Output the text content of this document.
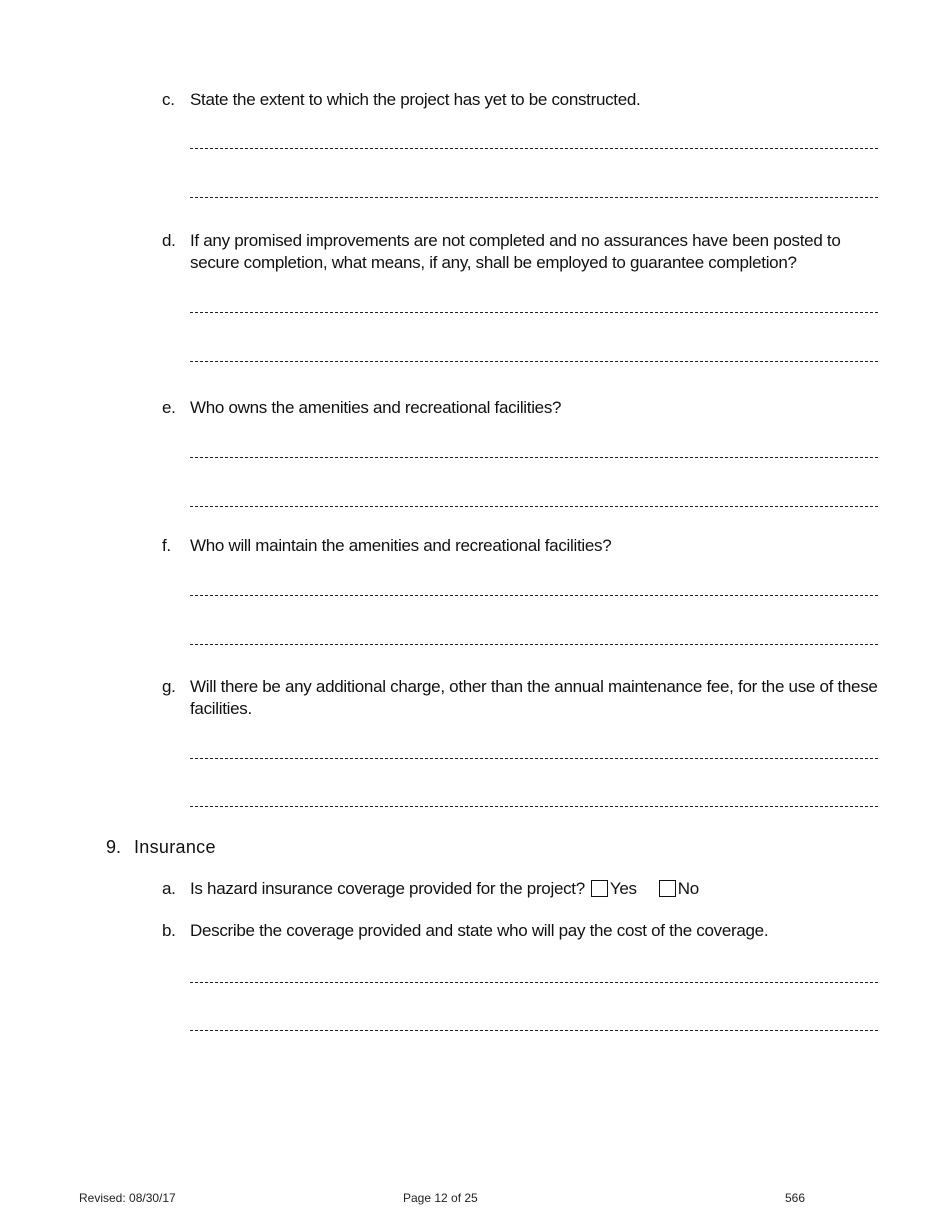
c. State the extent to which the project has yet to be constructed.
d. If any promised improvements are not completed and no assurances have been posted to secure completion, what means, if any, shall be employed to guarantee completion?
e. Who owns the amenities and recreational facilities?
f. Who will maintain the amenities and recreational facilities?
g. Will there be any additional charge, other than the annual maintenance fee, for the use of these facilities.
9. Insurance
a. Is hazard insurance coverage provided for the project? Yes No
b. Describe the coverage provided and state who will pay the cost of the coverage.
Revised: 08/30/17	Page 12 of 25	566
